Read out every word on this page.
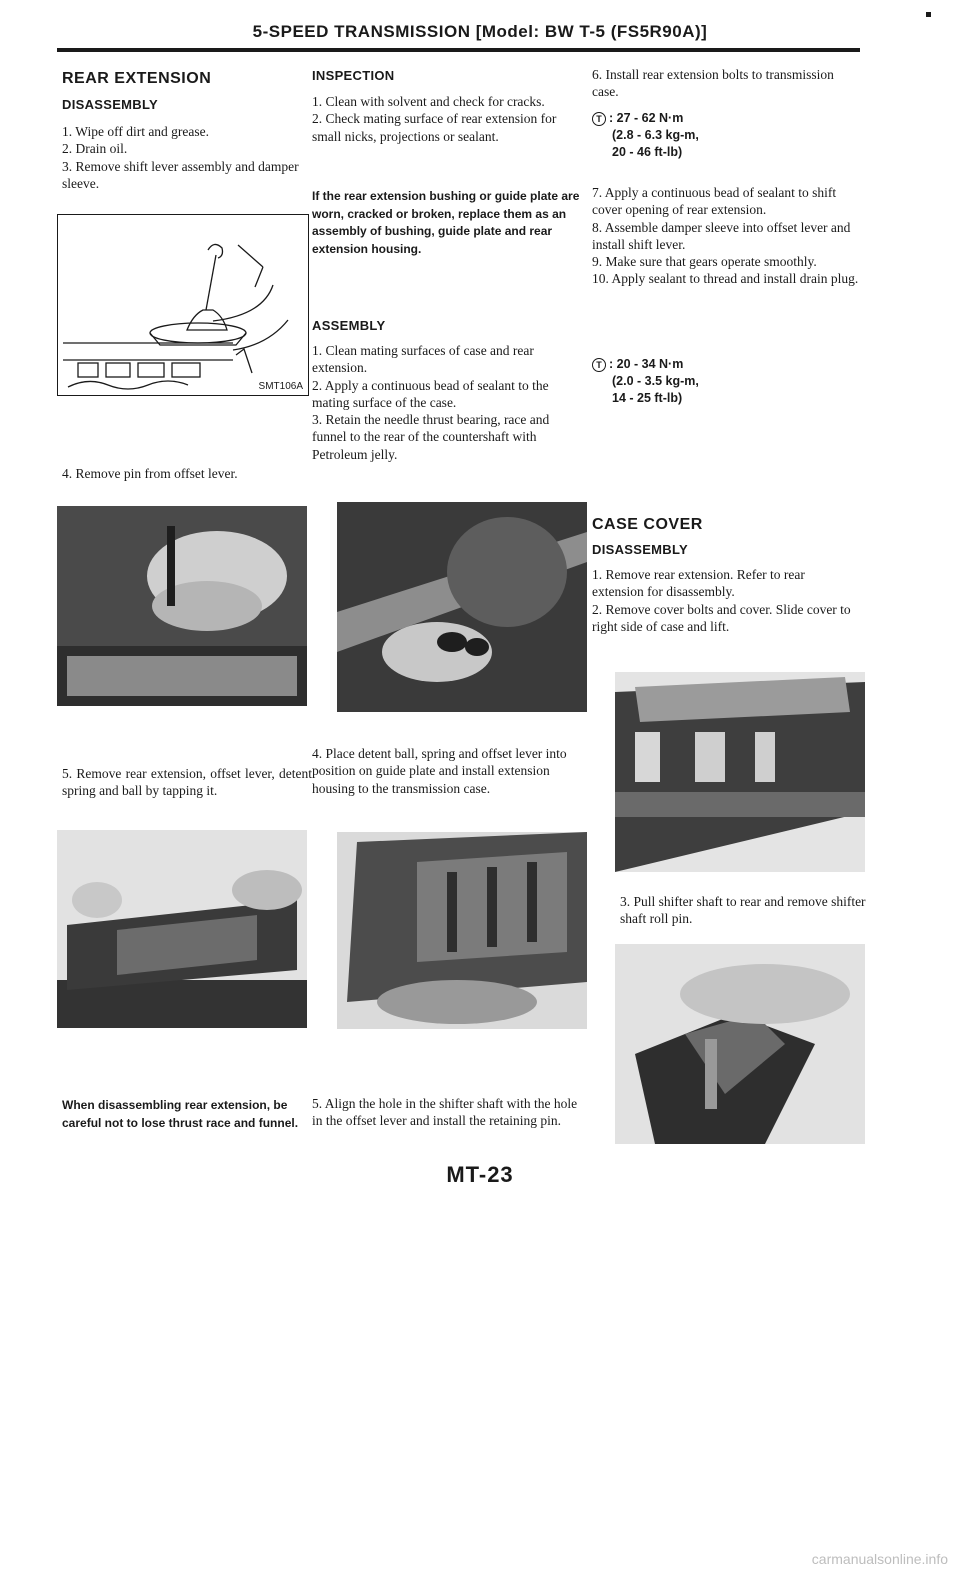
5-SPEED TRANSMISSION [Model: BW T-5 (FS5R90A)]
REAR EXTENSION
DISASSEMBLY
1. Wipe off dirt and grease.
2. Drain oil.
3. Remove shift lever assembly and damper sleeve.
SMT106A
4. Remove pin from offset lever.
5. Remove rear extension, offset lever, detent spring and ball by tapping it.
When disassembling rear extension, be careful not to lose thrust race and funnel.
INSPECTION
1. Clean with solvent and check for cracks.
2. Check mating surface of rear extension for small nicks, projections or sealant.
If the rear extension bushing or guide plate are worn, cracked or broken, replace them as an assembly of bushing, guide plate and rear extension housing.
ASSEMBLY
1. Clean mating surfaces of case and rear extension.
2. Apply a continuous bead of sealant to the mating surface of the case.
3. Retain the needle thrust bearing, race and funnel to the rear of the countershaft with Petroleum jelly.
4. Place detent ball, spring and offset lever into position on guide plate and install extension housing to the transmission case.
5. Align the hole in the shifter shaft with the hole in the offset lever and install the retaining pin.
6. Install rear extension bolts to transmission case.
T : 27 - 62 N·m
(2.8 - 6.3 kg-m,
20 - 46 ft-lb)
7. Apply a continuous bead of sealant to shift cover opening of rear extension.
8. Assemble damper sleeve into offset lever and install shift lever.
9. Make sure that gears operate smoothly.
10. Apply sealant to thread and install drain plug.
T : 20 - 34 N·m
(2.0 - 3.5 kg-m,
14 - 25 ft-lb)
CASE COVER
DISASSEMBLY
1. Remove rear extension. Refer to rear extension for disassembly.
2. Remove cover bolts and cover. Slide cover to right side of case and lift.
3. Pull shifter shaft to rear and remove shifter shaft roll pin.
MT-23
carmanualsonline.info
